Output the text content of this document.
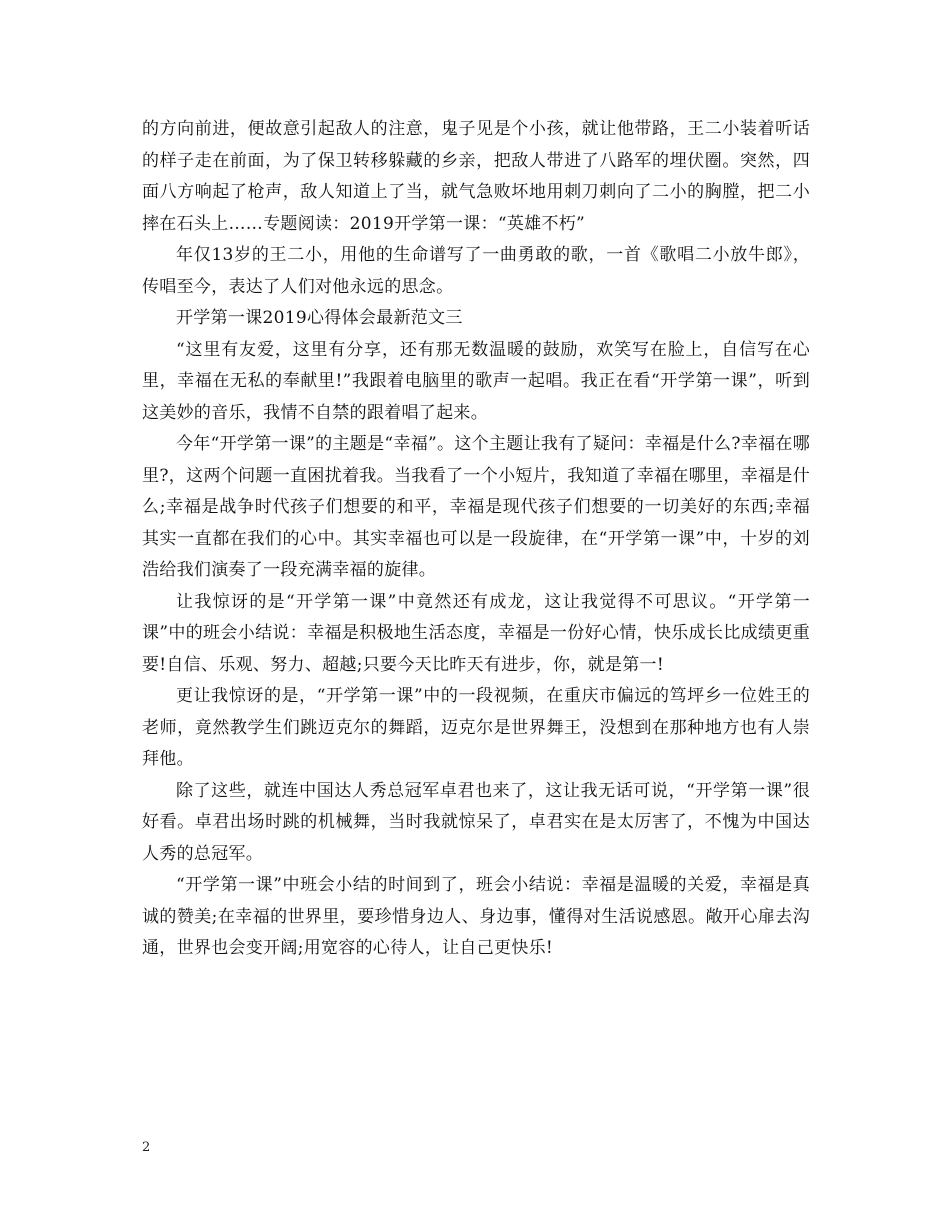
的方向前进，便故意引起敌人的注意，鬼子见是个小孩，就让他带路，王二小装着听话的样子走在前面，为了保卫转移躲藏的乡亲，把敌人带进了八路军的埋伏圈。突然，四面八方响起了枪声，敌人知道上了当，就气急败坏地用刺刀刺向了二小的胸膛，把二小摔在石头上……专题阅读：2019开学第一课：“英雄不朽”

年仅13岁的王二小，用他的生命谱写了一曲勇敢的歌，一首《歌唱二小放牛郎》，传唱至今，表达了人们对他永远的思念。

开学第一课2019心得体会最新范文三

“这里有友爱，这里有分享，还有那无数温暖的鼓励，欢笑写在脸上，自信写在心里，幸福在无私的奉献里!”我跟着电脑里的歌声一起唱。我正在看“开学第一课”，听到这美妙的音乐，我情不自禁的跟着唱了起来。

今年“开学第一课”的主题是“幸福”。这个主题让我有了疑问：幸福是什么?幸福在哪里?，这两个问题一直困扰着我。当我看了一个小短片，我知道了幸福在哪里，幸福是什么;幸福是战争时代孩子们想要的和平，幸福是现代孩子们想要的一切美好的东西;幸福其实一直都在我们的心中。其实幸福也可以是一段旋律，在“开学第一课”中，十岁的刘浩给我们演奏了一段充满幸福的旋律。

让我惊讶的是“开学第一课”中竟然还有成龙，这让我觉得不可思议。“开学第一课”中的班会小结说：幸福是积极地生活态度，幸福是一份好心情，快乐成长比成绩更重要!自信、乐观、努力、超越;只要今天比昨天有进步，你，就是第一!

更让我惊讶的是，“开学第一课”中的一段视频，在重庆市偏远的笃坪乡一位姓王的老师，竟然教学生们跳迈克尔的舞蹈，迈克尔是世界舞王，没想到在那种地方也有人崇拜他。

除了这些，就连中国达人秀总冠军卓君也来了，这让我无话可说，“开学第一课”很好看。卓君出场时跳的机械舞，当时我就惊呆了，卓君实在是太厉害了，不愧为中国达人秀的总冠军。

“开学第一课”中班会小结的时间到了，班会小结说：幸福是温暖的关爱，幸福是真诚的赞美;在幸福的世界里，要珍惜身边人、身边事，懂得对生活说感恩。敞开心扉去沟通，世界也会变开阔;用宽容的心待人，让自己更快乐!

2
